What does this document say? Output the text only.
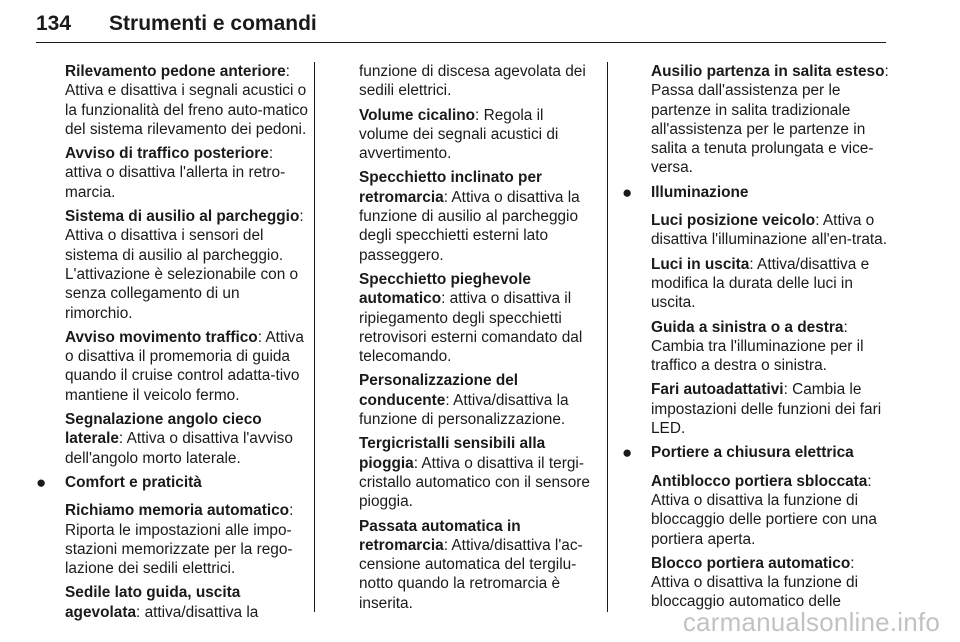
134 Strumenti e comandi
Rilevamento pedone anteriore: Attiva e disattiva i segnali acustici o la funzionalità del freno auto-matico del sistema rilevamento dei pedoni.
Avviso di traffico posteriore: attiva o disattiva l'allerta in retro-marcia.
Sistema di ausilio al parcheggio: Attiva o disattiva i sensori del sistema di ausilio al parcheggio. L'attivazione è selezionabile con o senza collegamento di un rimorchio.
Avviso movimento traffico: Attiva o disattiva il promemoria di guida quando il cruise control adatta-tivo mantiene il veicolo fermo.
Segnalazione angolo cieco laterale: Attiva o disattiva l'avviso dell'angolo morto laterale.
● Comfort e praticità
Richiamo memoria automatico: Riporta le impostazioni alle impo-stazioni memorizzate per la rego-lazione dei sedili elettrici.
Sedile lato guida, uscita agevolata: attiva/disattiva la
funzione di discesa agevolata dei sedili elettrici.
Volume cicalino: Regola il volume dei segnali acustici di avvertimento.
Specchietto inclinato per retromarcia: Attiva o disattiva la funzione di ausilio al parcheggio degli specchietti esterni lato passeggero.
Specchietto pieghevole automatico: attiva o disattiva il ripiegamento degli specchietti retrovisori esterni comandato dal telecomando.
Personalizzazione del conducente: Attiva/disattiva la funzione di personalizzazione.
Tergicristalli sensibili alla pioggia: Attiva o disattiva il tergi-cristallo automatico con il sensore pioggia.
Passata automatica in retromarcia: Attiva/disattiva l'ac-censione automatica del tergilu-notto quando la retromarcia è inserita.
Ausilio partenza in salita esteso: Passa dall'assistenza per le partenze in salita tradizionale all'assistenza per le partenze in salita a tenuta prolungata e vice-versa.
● Illuminazione
Luci posizione veicolo: Attiva o disattiva l'illuminazione all'en-trata.
Luci in uscita: Attiva/disattiva e modifica la durata delle luci in uscita.
Guida a sinistra o a destra: Cambia tra l'illuminazione per il traffico a destra o sinistra.
Fari autoadattativi: Cambia le impostazioni delle funzioni dei fari LED.
● Portiere a chiusura elettrica
Antiblocco portiera sbloccata: Attiva o disattiva la funzione di bloccaggio delle portiere con una portiera aperta.
Blocco portiera automatico: Attiva o disattiva la funzione di bloccaggio automatico delle
carmanualsonline.info
